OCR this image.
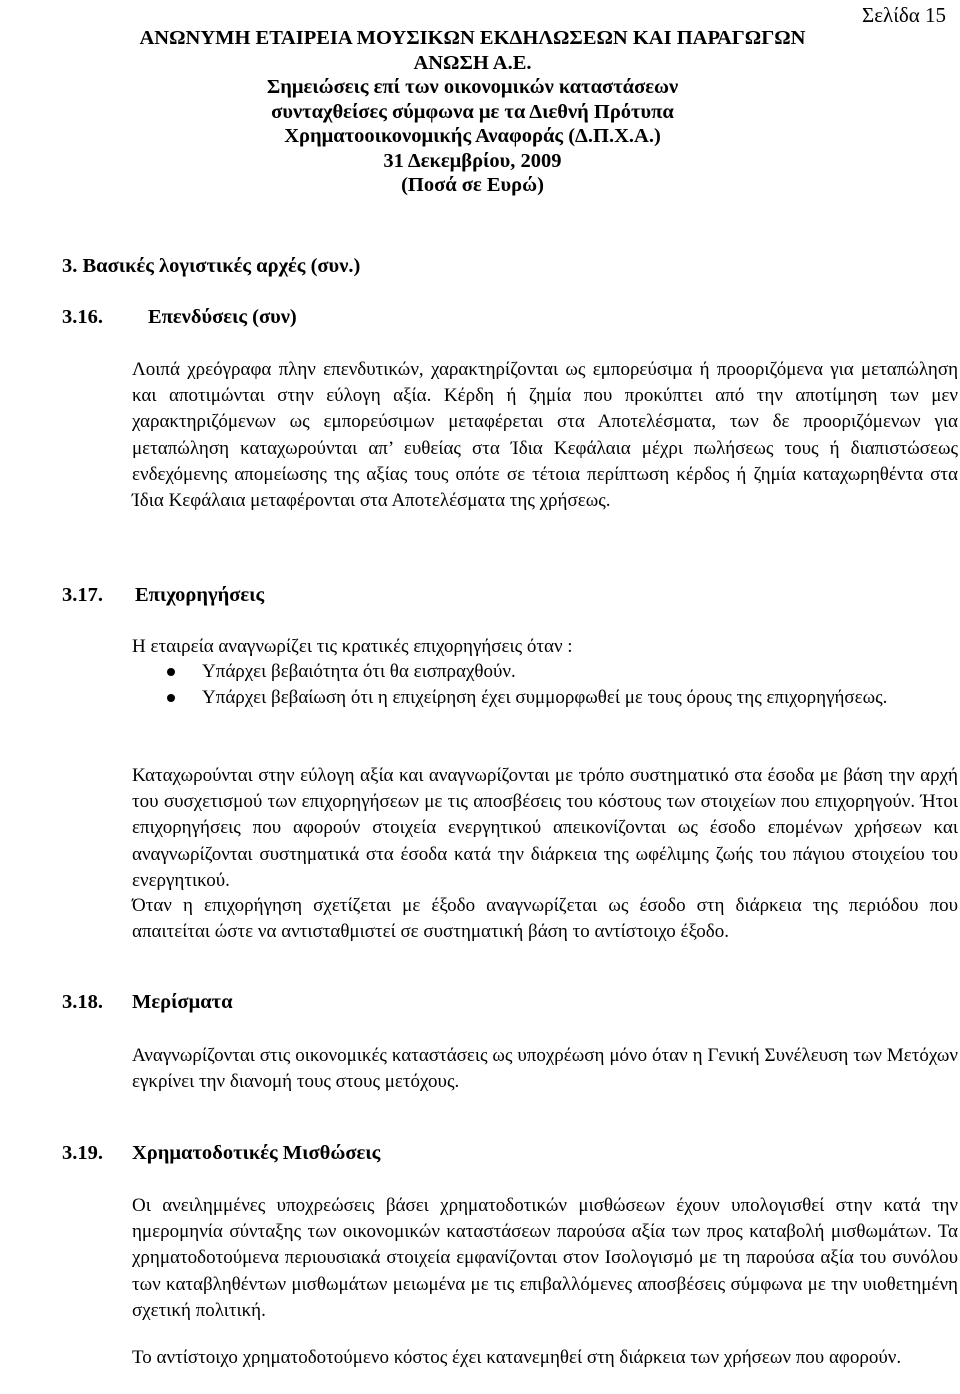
Σελίδα 15
ΑΝΩΝΥΜΗ ΕΤΑΙΡΕΙΑ ΜΟΥΣΙΚΩΝ ΕΚΔΗΛΩΣΕΩΝ ΚΑΙ ΠΑΡΑΓΩΓΩΝ
ΑΝΩΣΗ Α.Ε.
Σημειώσεις επί των οικονομικών καταστάσεων
συνταχθείσες σύμφωνα με τα Διεθνή Πρότυπα
Χρηματοοικονομικής Αναφοράς (Δ.Π.Χ.Α.)
31 Δεκεμβρίου, 2009
(Ποσά σε Ευρώ)
3. Βασικές λογιστικές αρχές (συν.)
3.16. Επενδύσεις (συν)

Λοιπά χρεόγραφα πλην επενδυτικών, χαρακτηρίζονται ως εμπορεύσιμα ή προοριζόμενα για μεταπώληση και αποτιμώνται στην εύλογη αξία. Κέρδη ή ζημία που προκύπτει από την αποτίμηση των μεν χαρακτηριζόμενων ως εμπορεύσιμων μεταφέρεται στα Αποτελέσματα, των δε προοριζόμενων για μεταπώληση καταχωρούνται απ’ ευθείας στα Ίδια Κεφάλαια μέχρι πωλήσεως τους ή διαπιστώσεως ενδεχόμενης απομείωσης της αξίας τους οπότε σε τέτοια περίπτωση κέρδος ή ζημία καταχωρηθέντα στα Ίδια Κεφάλαια μεταφέρονται στα Αποτελέσματα της χρήσεως.

3.17. Επιχορηγήσεις

Η εταιρεία αναγνωρίζει τις κρατικές επιχορηγήσεις όταν :

Υπάρχει βεβαιότητα ότι θα εισπραχθούν.
Υπάρχει βεβαίωση ότι η επιχείρηση έχει συμμορφωθεί με τους όρους της επιχορηγήσεως.

Καταχωρούνται στην εύλογη αξία και αναγνωρίζονται με τρόπο συστηματικό στα έσοδα με βάση την αρχή του συσχετισμού των επιχορηγήσεων με τις αποσβέσεις του κόστους των στοιχείων που επιχορηγούν. Ήτοι επιχορηγήσεις που αφορούν στοιχεία ενεργητικού απεικονίζονται ως έσοδο επομένων χρήσεων και αναγνωρίζονται συστηματικά στα έσοδα κατά την διάρκεια της ωφέλιμης ζωής του πάγιου στοιχείου του ενεργητικού.

Όταν η επιχορήγηση σχετίζεται με έξοδο αναγνωρίζεται ως έσοδο στη διάρκεια της περιόδου που απαιτείται ώστε να αντισταθμιστεί σε συστηματική βάση το αντίστοιχο έξοδο.

3.18. Μερίσματα

Αναγνωρίζονται στις οικονομικές καταστάσεις ως υποχρέωση μόνο όταν η Γενική Συνέλευση των Μετόχων εγκρίνει την διανομή τους στους μετόχους.

3.19. Χρηματοδοτικές Μισθώσεις

Οι ανειλημμένες υποχρεώσεις βάσει χρηματοδοτικών μισθώσεων έχουν υπολογισθεί στην κατά την ημερομηνία σύνταξης των οικονομικών καταστάσεων παρούσα αξία των προς καταβολή μισθωμάτων. Τα χρηματοδοτούμενα περιουσιακά στοιχεία εμφανίζονται στον Ισολογισμό με τη παρούσα αξία του συνόλου των καταβληθέντων μισθωμάτων μειωμένα με τις επιβαλλόμενες αποσβέσεις σύμφωνα με την υιοθετημένη σχετική πολιτική.

Το αντίστοιχο χρηματοδοτούμενο κόστος έχει κατανεμηθεί στη διάρκεια των χρήσεων που αφορούν.
